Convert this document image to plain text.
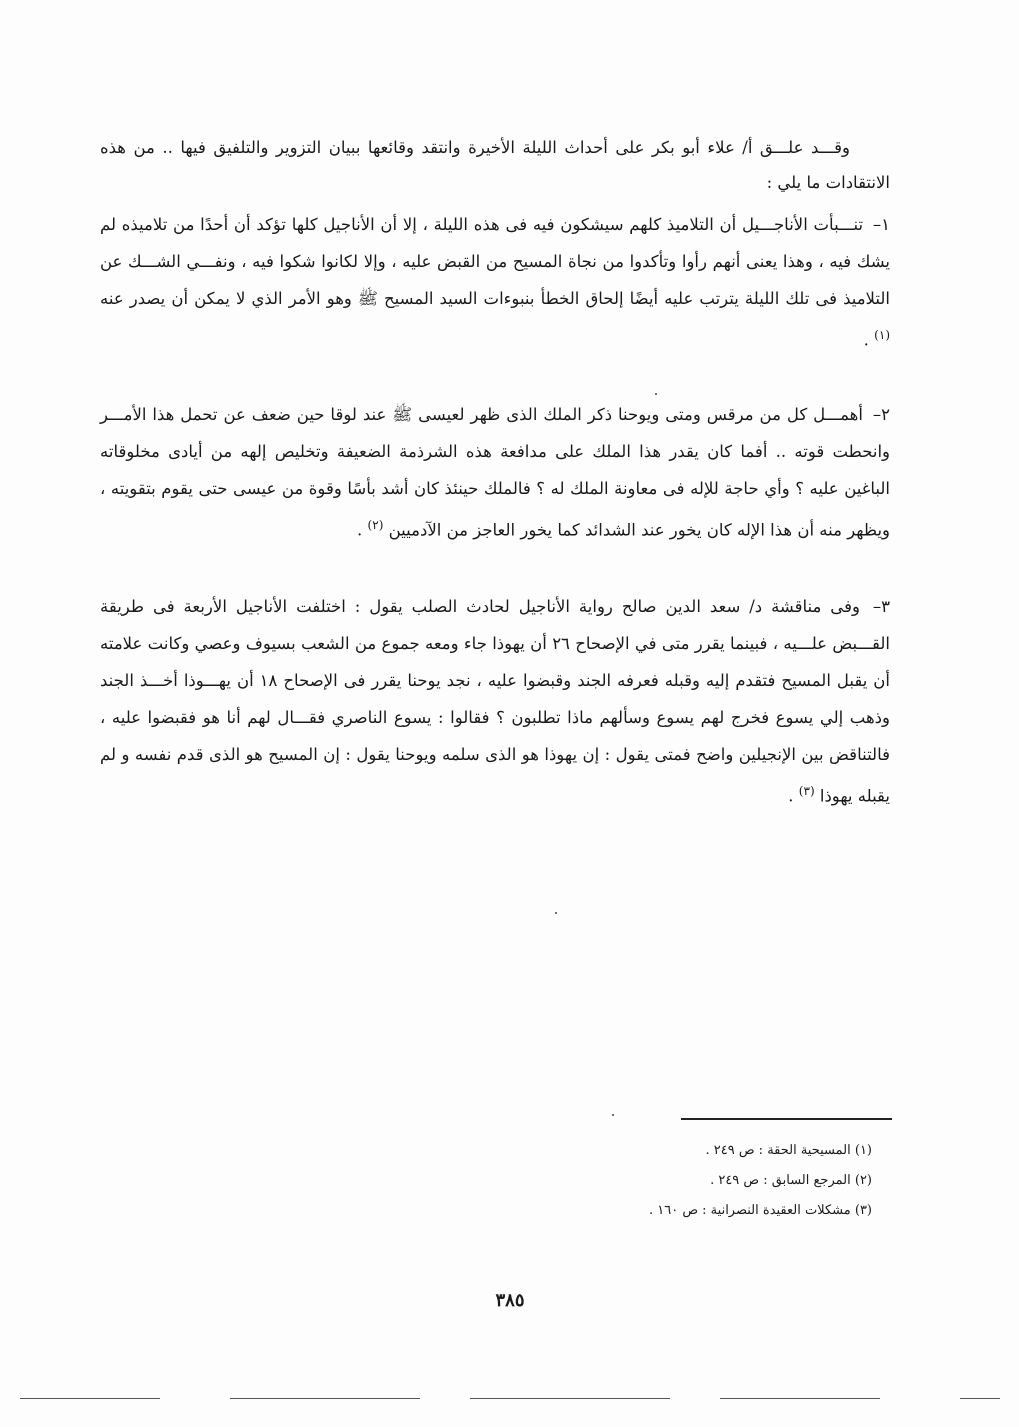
وقـــد علـــق أ/ علاء أبو بكر على أحداث الليلة الأخيرة وانتقد وقائعها ببيان التزوير والتلفيق فيها .. من هذه الانتقادات ما يلي :

١– تنـــبأت الأناجـــيل أن التلاميذ كلهم سيشكون فيه فى هذه الليلة ، إلا أن الأناجيل كلها تؤكد أن أحدًا من تلاميذه لم يشك فيه ، وهذا يعنى أنهم رأوا وتأكدوا من نجاة المسيح من القبض عليه ، وإلا لكانوا شكوا فيه ، ونفـــي الشـــك عن التلاميذ فى تلك الليلة يترتب عليه أيضًا إلحاق الخطأ بنبوءات السيد المسيح ﷺ وهو الأمر الذي لا يمكن أن يصدر عنه $^{(١)}$ .

٢– أهمـــل كل من مرقس ومتى ويوحنا ذكر الملك الذى ظهر لعيسى ﷺ عند لوقا حين ضعف عن تحمل هذا الأمـــر وانحطت قوته .. أفما كان يقدر هذا الملك على مدافعة هذه الشرذمة الضعيفة وتخليص إلهه من أيادى مخلوقاته الباغين عليه ؟ وأي حاجة للإله فى معاونة الملك له ؟ فالملك حينئذ كان أشد بأسًا وقوة من عيسى حتى يقوم بتقويته ، ويظهر منه أن هذا الإله كان يخور عند الشدائد كما يخور العاجز من الآدميين $^{(٢)}$ .

٣– وفى مناقشة د/ سعد الدين صالح رواية الأناجيل لحادث الصلب يقول : اختلفت الأناجيل الأربعة فى طريقة القـــبض علـــيه ، فبينما يقرر متى في الإصحاح ٢٦ أن يهوذا جاء ومعه جموع من الشعب بسيوف وعصي وكانت علامته أن يقبل المسيح فتقدم إليه وقبله فعرفه الجند وقبضوا عليه ، نجد يوحنا يقرر فى الإصحاح ١٨ أن يهـــوذا أخـــذ الجند وذهب إلي يسوع فخرج لهم يسوع وسألهم ماذا تطلبون ؟ فقالوا : يسوع الناصري فقـــال لهم أنا هو فقبضوا عليه ، فالتناقض بين الإنجيلين واضح فمتى يقول : إن يهوذا هو الذى سلمه ويوحنا يقول : إن المسيح هو الذى قدم نفسه و لم يقبله يهوذا $^{(٣)}$ .

(١) المسيحية الحقة : ص ٢٤٩ .
(٢) المرجع السابق : ص ٢٤٩ .
(٣) مشكلات العقيدة النصرانية : ص ١٦٠ .
٣٨٥
